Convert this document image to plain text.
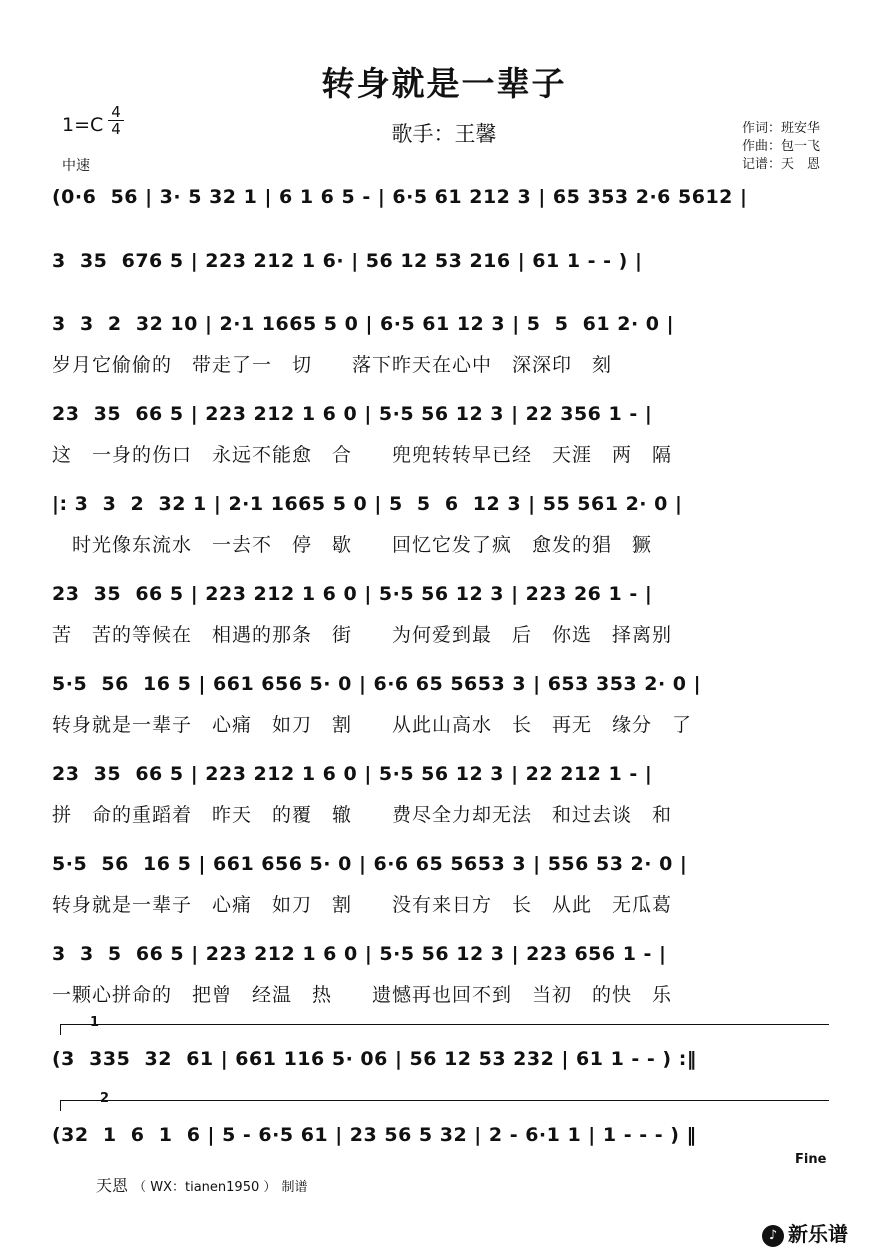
转身就是一辈子
歌手：王馨
1=C
4
4
中速
作词：班安华
作曲：包一飞
记谱：天　恩
(0·6  56 | 3· 5 32 1 | 6 1 6 5 - | 6·5 61 212 3 | 65 353 2·6 5612 |
3  35  676 5 | 223 212 1 6· | 56 12 53 216 | 61 1 - - ) |
3  3  2  32 10 | 2·1 1665 5 0 | 6·5 61 12 3 | 5  5  61 2· 0 |
岁月它偷偷的　带走了一　切　　落下昨天在心中　深深印　刻
23  35  66 5 | 223 212 1 6 0 | 5·5 56 12 3 | 22 356 1 - |
这　一身的伤口　永远不能愈　合　　兜兜转转早已经　天涯　两　隔
|: 3  3  2  32 1 | 2·1 1665 5 0 | 5  5  6  12 3 | 55 561 2· 0 |
　时光像东流水　一去不　停　歇　　回忆它发了疯　愈发的猖　獗
23  35  66 5 | 223 212 1 6 0 | 5·5 56 12 3 | 223 26 1 - |
苦　苦的等候在　相遇的那条　街　　为何爱到最　后　你选　择离别
5·5  56  16 5 | 661 656 5· 0 | 6·6 65 5653 3 | 653 353 2· 0 |
转身就是一辈子　心痛　如刀　割　　从此山高水　长　再无　缘分　了
23  35  66 5 | 223 212 1 6 0 | 5·5 56 12 3 | 22 212 1 - |
拼　命的重蹈着　昨天　的覆　辙　　费尽全力却无法　和过去谈　和
5·5  56  16 5 | 661 656 5· 0 | 6·6 65 5653 3 | 556 53 2· 0 |
转身就是一辈子　心痛　如刀　割　　没有来日方　长　从此　无瓜葛
3  3  5  66 5 | 223 212 1 6 0 | 5·5 56 12 3 | 223 656 1 - |
一颗心拼命的　把曾　经温　热　　遗憾再也回不到　当初　的快　乐
1
(3  335  32  61 | 661 116 5· 06 | 56 12 53 232 | 61 1 - - ) :‖
2
(32  1  6  1  6 | 5 - 6·5 61 | 23 56 5 32 | 2 - 6·1 1 | 1 - - - ) ‖
Fine
天恩 （ WX：tianen1950 ） 制谱
♪ 新乐谱
